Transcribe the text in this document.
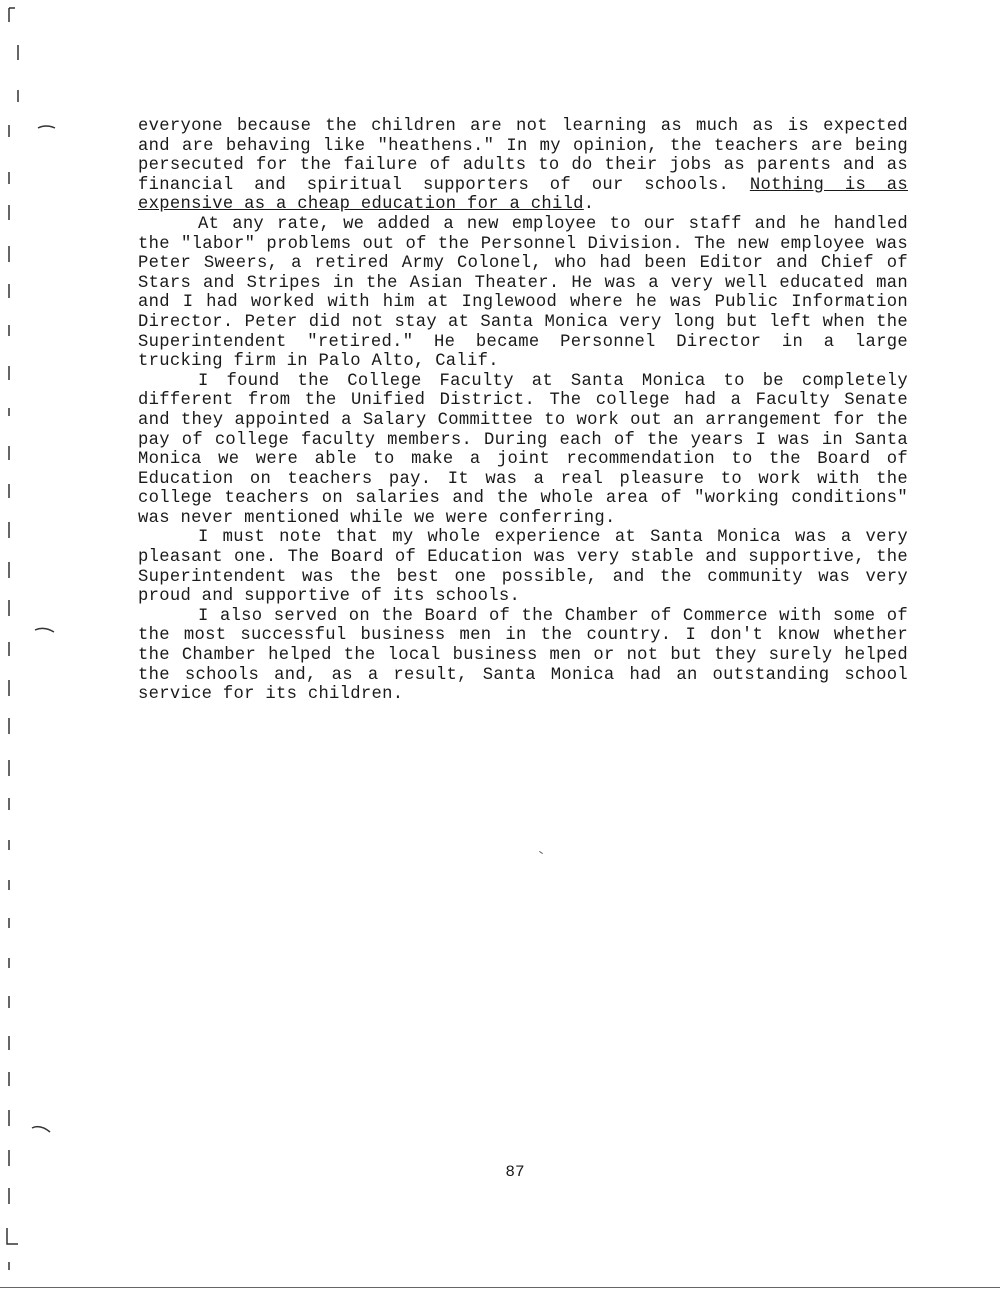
everyone because the children are not learning as much as is expected and are behaving like "heathens." In my opinion, the teachers are being persecuted for the failure of adults to do their jobs as parents and as financial and spiritual supporters of our schools. Nothing is as expensive as a cheap education for a child.

At any rate, we added a new employee to our staff and he handled the "labor" problems out of the Personnel Division. The new employee was Peter Sweers, a retired Army Colonel, who had been Editor and Chief of Stars and Stripes in the Asian Theater. He was a very well educated man and I had worked with him at Inglewood where he was Public Information Director. Peter did not stay at Santa Monica very long but left when the Superintendent "retired." He became Personnel Director in a large trucking firm in Palo Alto, Calif.

I found the College Faculty at Santa Monica to be completely different from the Unified District. The college had a Faculty Senate and they appointed a Salary Committee to work out an arrangement for the pay of college faculty members. During each of the years I was in Santa Monica we were able to make a joint recommendation to the Board of Education on teachers pay. It was a real pleasure to work with the college teachers on salaries and the whole area of "working conditions" was never mentioned while we were conferring.

I must note that my whole experience at Santa Monica was a very pleasant one. The Board of Education was very stable and supportive, the Superintendent was the best one possible, and the community was very proud and supportive of its schools.

I also served on the Board of the Chamber of Commerce with some of the most successful business men in the country. I don't know whether the Chamber helped the local business men or not but they surely helped the schools and, as a result, Santa Monica had an outstanding school service for its children.

87
